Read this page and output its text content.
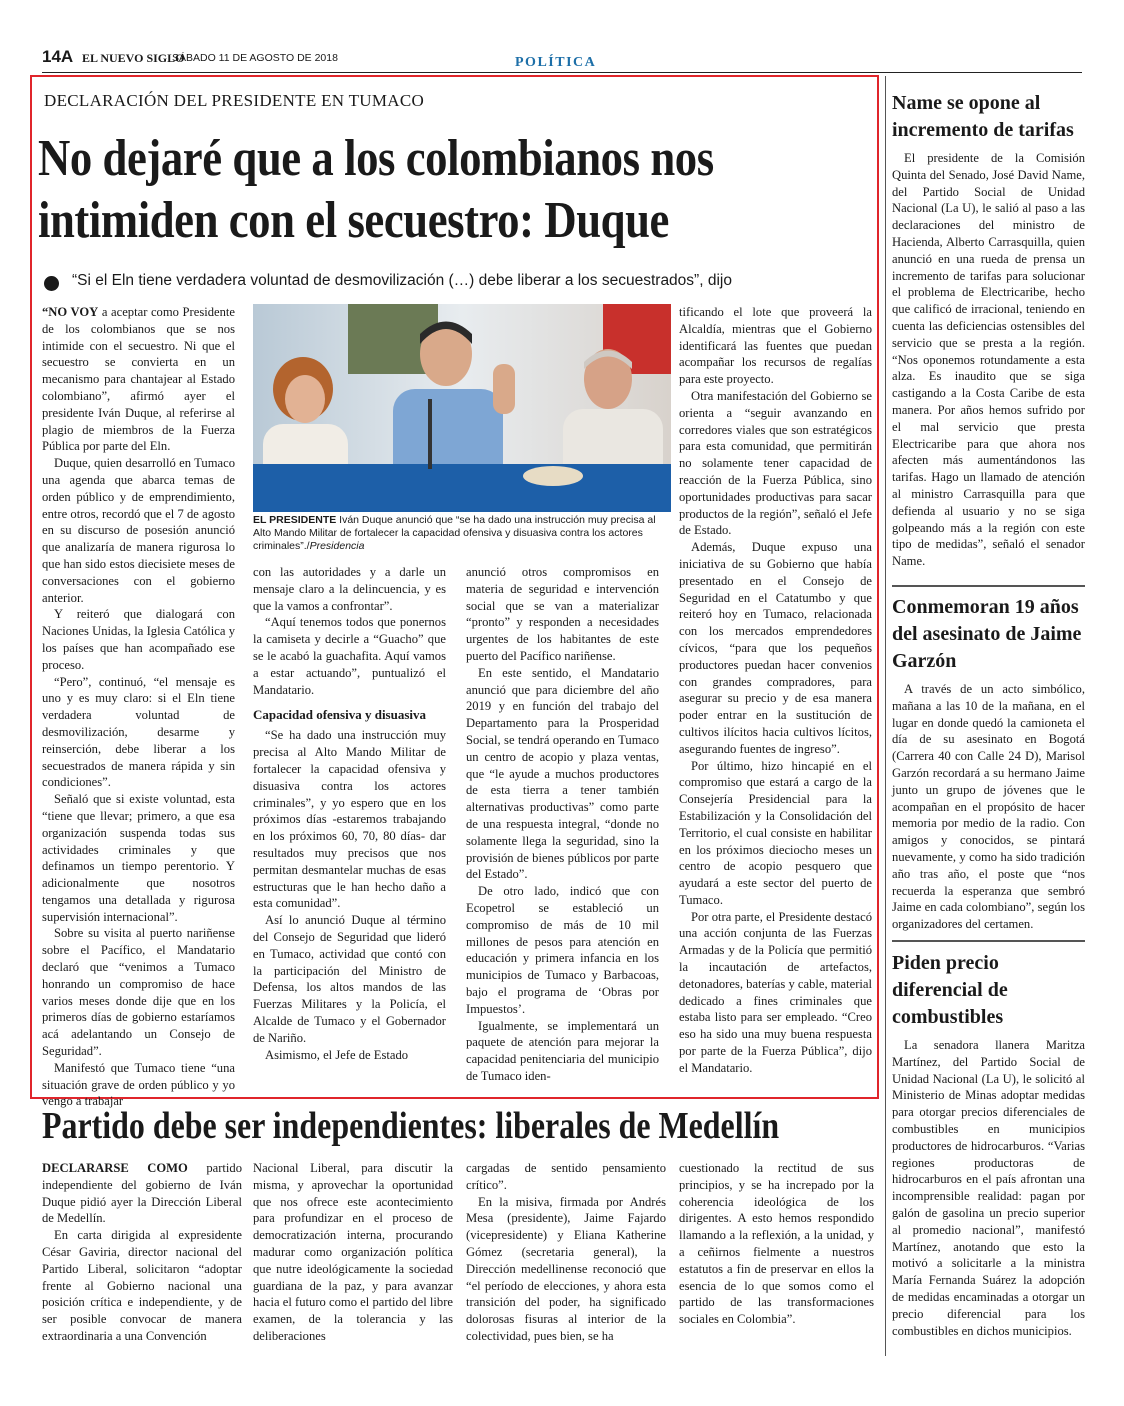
14A EL NUEVO SIGLO
SÁBADO 11 DE AGOSTO DE 2018	POLÍTICA
DECLARACIÓN DEL PRESIDENTE EN TUMACO
No dejaré que a los colombianos nos intimiden con el secuestro: Duque
“Si el Eln tiene verdadera voluntad de desmovilización (…) debe liberar a los secuestrados”, dijo

“NO VOY a aceptar como Presidente de los colombianos que se nos intimide con el secuestro. Ni que el secuestro se convierta en un mecanismo para chantajear al Estado colombiano”, afirmó ayer el presidente Iván Duque, al referirse al plagio de miembros de la Fuerza Pública por parte del Eln.

Duque, quien desarrolló en Tumaco una agenda que abarca temas de orden público y de emprendimiento, entre otros, recordó que el 7 de agosto en su discurso de posesión anunció que analizaría de manera rigurosa lo que han sido estos diecisiete meses de conversaciones con el gobierno anterior.

Y reiteró que dialogará con Naciones Unidas, la Iglesia Católica y los países que han acompañado ese proceso.

“Pero”, continuó, “el mensaje es uno y es muy claro: si el Eln tiene verdadera voluntad de desmovilización, desarme y reinserción, debe liberar a los secuestrados de manera rápida y sin condiciones”.

Señaló que si existe voluntad, esta “tiene que llevar; primero, a que esa organización suspenda todas sus actividades criminales y que definamos un tiempo perentorio. Y adicionalmente que nosotros tengamos una detallada y rigurosa supervisión internacional”.

Sobre su visita al puerto nariñense sobre el Pacífico, el Mandatario declaró que “venimos a Tumaco honrando un compromiso de hace varios meses donde dije que en los primeros días de gobierno estaríamos acá adelantando un Consejo de Seguridad”.

Manifestó que Tumaco tiene “una situación grave de orden público y yo vengo a trabajar

EL PRESIDENTE Iván Duque anunció que “se ha dado una instrucción muy precisa al Alto Mando Militar de fortalecer la capacidad ofensiva y disuasiva contra los actores criminales”./Presidencia

con las autoridades y a darle un mensaje claro a la delincuencia, y es que la vamos a confrontar”.

“Aquí tenemos todos que ponernos la camiseta y decirle a “Guacho” que se le acabó la guachafita. Aquí vamos a estar actuando”, puntualizó el Mandatario.

Capacidad ofensiva y disuasiva

“Se ha dado una instrucción muy precisa al Alto Mando Militar de fortalecer la capacidad ofensiva y disuasiva contra los actores criminales”, y yo espero que en los próximos días -estaremos trabajando en los próximos 60, 70, 80 días- dar resultados muy precisos que nos permitan desmantelar muchas de esas estructuras que le han hecho daño a esta comunidad”.

Así lo anunció Duque al término del Consejo de Seguridad que lideró en Tumaco, actividad que contó con la participación del Ministro de Defensa, los altos mandos de las Fuerzas Militares y la Policía, el Alcalde de Tumaco y el Gobernador de Nariño.

Asimismo, el Jefe de Estado

anunció otros compromisos en materia de seguridad e intervención social que se van a materializar “pronto” y responden a necesidades urgentes de los habitantes de este puerto del Pacífico nariñense.

En este sentido, el Mandatario anunció que para diciembre del año 2019 y en función del trabajo del Departamento para la Prosperidad Social, se tendrá operando en Tumaco un centro de acopio y plaza ventas, que “le ayude a muchos productores de esta tierra a tener también alternativas productivas” como parte de una respuesta integral, “donde no solamente llega la seguridad, sino la provisión de bienes públicos por parte del Estado”.

De otro lado, indicó que con Ecopetrol se estableció un compromiso de más de 10 mil millones de pesos para atención en educación y primera infancia en los municipios de Tumaco y Barbacoas, bajo el programa de ‘Obras por Impuestos’.

Igualmente, se implementará un paquete de atención para mejorar la capacidad penitenciaria del municipio de Tumaco iden-

tificando el lote que proveerá la Alcaldía, mientras que el Gobierno identificará las fuentes que puedan acompañar los recursos de regalías para este proyecto.

Otra manifestación del Gobierno se orienta a “seguir avanzando en corredores viales que son estratégicos para esta comunidad, que permitirán no solamente tener capacidad de reacción de la Fuerza Pública, sino oportunidades productivas para sacar productos de la región”, señaló el Jefe de Estado.

Además, Duque expuso una iniciativa de su Gobierno que había presentado en el Consejo de Seguridad en el Catatumbo y que reiteró hoy en Tumaco, relacionada con los mercados emprendedores cívicos, “para que los pequeños productores puedan hacer convenios con grandes compradores, para asegurar su precio y de esa manera poder entrar en la sustitución de cultivos ilícitos hacia cultivos lícitos, asegurando fuentes de ingreso”.

Por último, hizo hincapié en el compromiso que estará a cargo de la Consejería Presidencial para la Estabilización y la Consolidación del Territorio, el cual consiste en habilitar en los próximos dieciocho meses un centro de acopio pesquero que ayudará a este sector del puerto de Tumaco.

Por otra parte, el Presidente destacó una acción conjunta de las Fuerzas Armadas y de la Policía que permitió la incautación de artefactos, detonadores, baterías y cable, material dedicado a fines criminales que estaba listo para ser empleado. “Creo eso ha sido una muy buena respuesta por parte de la Fuerza Pública”, dijo el Mandatario.

Partido debe ser independientes: liberales de Medellín

DECLARARSE COMO partido independiente del gobierno de Iván Duque pidió ayer la Dirección Liberal de Medellín.

En carta dirigida al expresidente César Gaviria, director nacional del Partido Liberal, solicitaron “adoptar frente al Gobierno nacional una posición crítica e independiente, y de ser posible convocar de manera extraordinaria a una Convención

Nacional Liberal, para discutir la misma, y aprovechar la oportunidad que nos ofrece este acontecimiento para profundizar en el proceso de democratización interna, procurando madurar como organización política que nutre ideológicamente la sociedad guardiana de la paz, y para avanzar hacia el futuro como el partido del libre examen, de la tolerancia y las deliberaciones

cargadas de sentido pensamiento crítico”.

En la misiva, firmada por Andrés Mesa (presidente), Jaime Fajardo (vicepresidente) y Eliana Katherine Gómez (secretaria general), la Dirección medellinense reconoció que “el período de elecciones, y ahora esta transición del poder, ha significado dolorosas fisuras al interior de la colectividad, pues bien, se ha

cuestionado la rectitud de sus principios, y se ha increpado por la coherencia ideológica de los dirigentes. A esto hemos respondido llamando a la reflexión, a la unidad, y a ceñirnos fielmente a nuestros estatutos a fin de preservar en ellos la esencia de lo que somos como el partido de las transformaciones sociales en Colombia”.

Name se opone al incremento de tarifas

El presidente de la Comisión Quinta del Senado, José David Name, del Partido Social de Unidad Nacional (La U), le salió al paso a las declaraciones del ministro de Hacienda, Alberto Carrasquilla, quien anunció en una rueda de prensa un incremento de tarifas para solucionar el problema de Electricaribe, hecho que calificó de irracional, teniendo en cuenta las deficiencias ostensibles del servicio que se presta a la región. “Nos oponemos rotundamente a esta alza. Es inaudito que se siga castigando a la Costa Caribe de esta manera. Por años hemos sufrido por el mal servicio que presta Electricaribe para que ahora nos afecten más aumentándonos las tarifas. Hago un llamado de atención al ministro Carrasquilla para que defienda al usuario y no se siga golpeando más a la región con este tipo de medidas”, señaló el senador Name.

Conmemoran 19 años del asesinato de Jaime Garzón

A través de un acto simbólico, mañana a las 10 de la mañana, en el lugar en donde quedó la camioneta el día de su asesinato en Bogotá (Carrera 40 con Calle 24 D), Marisol Garzón recordará a su hermano Jaime junto un grupo de jóvenes que le acompañan en el propósito de hacer memoria por medio de la radio. Con amigos y conocidos, se pintará nuevamente, y como ha sido tradición año tras año, el poste que “nos recuerda la esperanza que sembró Jaime en cada colombiano”, según los organizadores del certamen.

Piden precio diferencial de combustibles

La senadora llanera Maritza Martínez, del Partido Social de Unidad Nacional (La U), le solicitó al Ministerio de Minas adoptar medidas para otorgar precios diferenciales de combustibles en municipios productores de hidrocarburos. “Varias regiones productoras de hidrocarburos en el país afrontan una incomprensible realidad: pagan por galón de gasolina un precio superior al promedio nacional”, manifestó Martínez, anotando que esto la motivó a solicitarle a la ministra María Fernanda Suárez la adopción de medidas encaminadas a otorgar un precio diferencial para los combustibles en dichos municipios.
